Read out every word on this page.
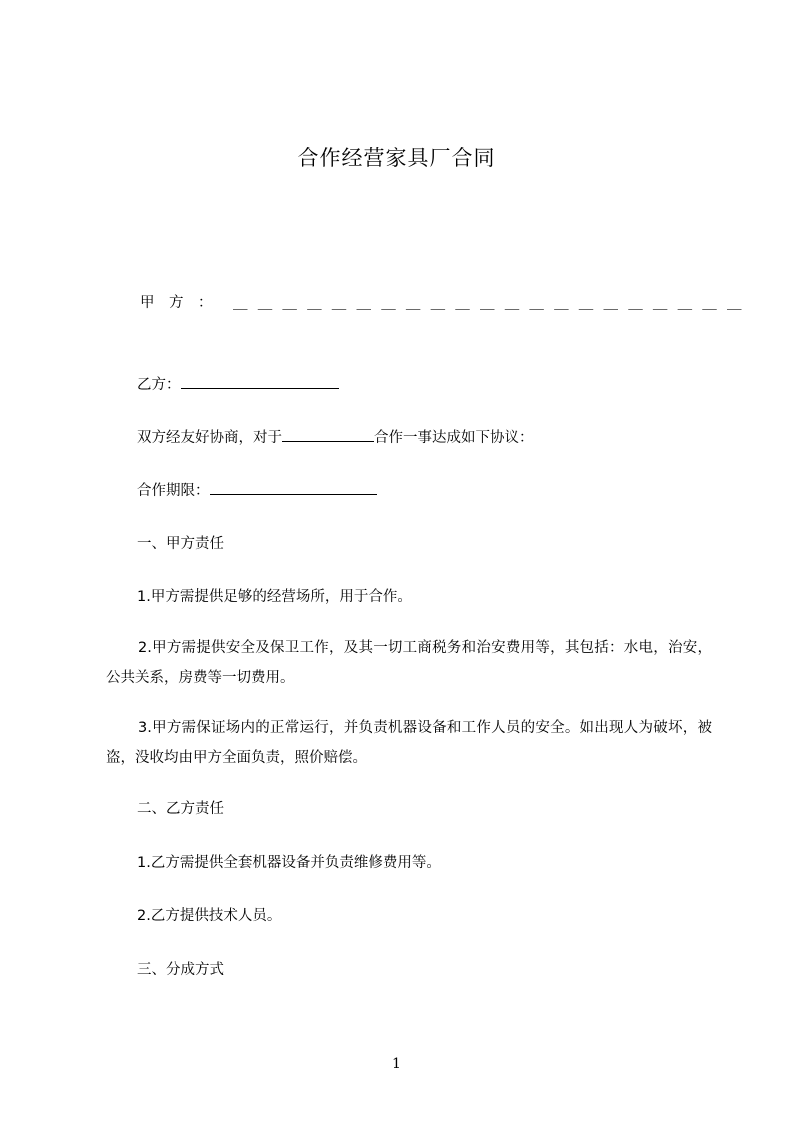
合作经营家具厂合同
甲　方　： ＿＿＿＿＿＿＿＿＿＿＿＿＿＿＿＿＿＿＿＿＿
乙方：
双方经友好协商，对于	合作一事达成如下协议：
合作期限：
一、甲方责任
1.甲方需提供足够的经营场所，用于合作。
2.甲方需提供安全及保卫工作，及其一切工商税务和治安费用等，其包括：水电，治安，公共关系，房费等一切费用。
3.甲方需保证场内的正常运行，并负责机器设备和工作人员的安全。如出现人为破坏，被盗，没收均由甲方全面负责，照价赔偿。
二、乙方责任
1.乙方需提供全套机器设备并负责维修费用等。
2.乙方提供技术人员。
三、分成方式
1
